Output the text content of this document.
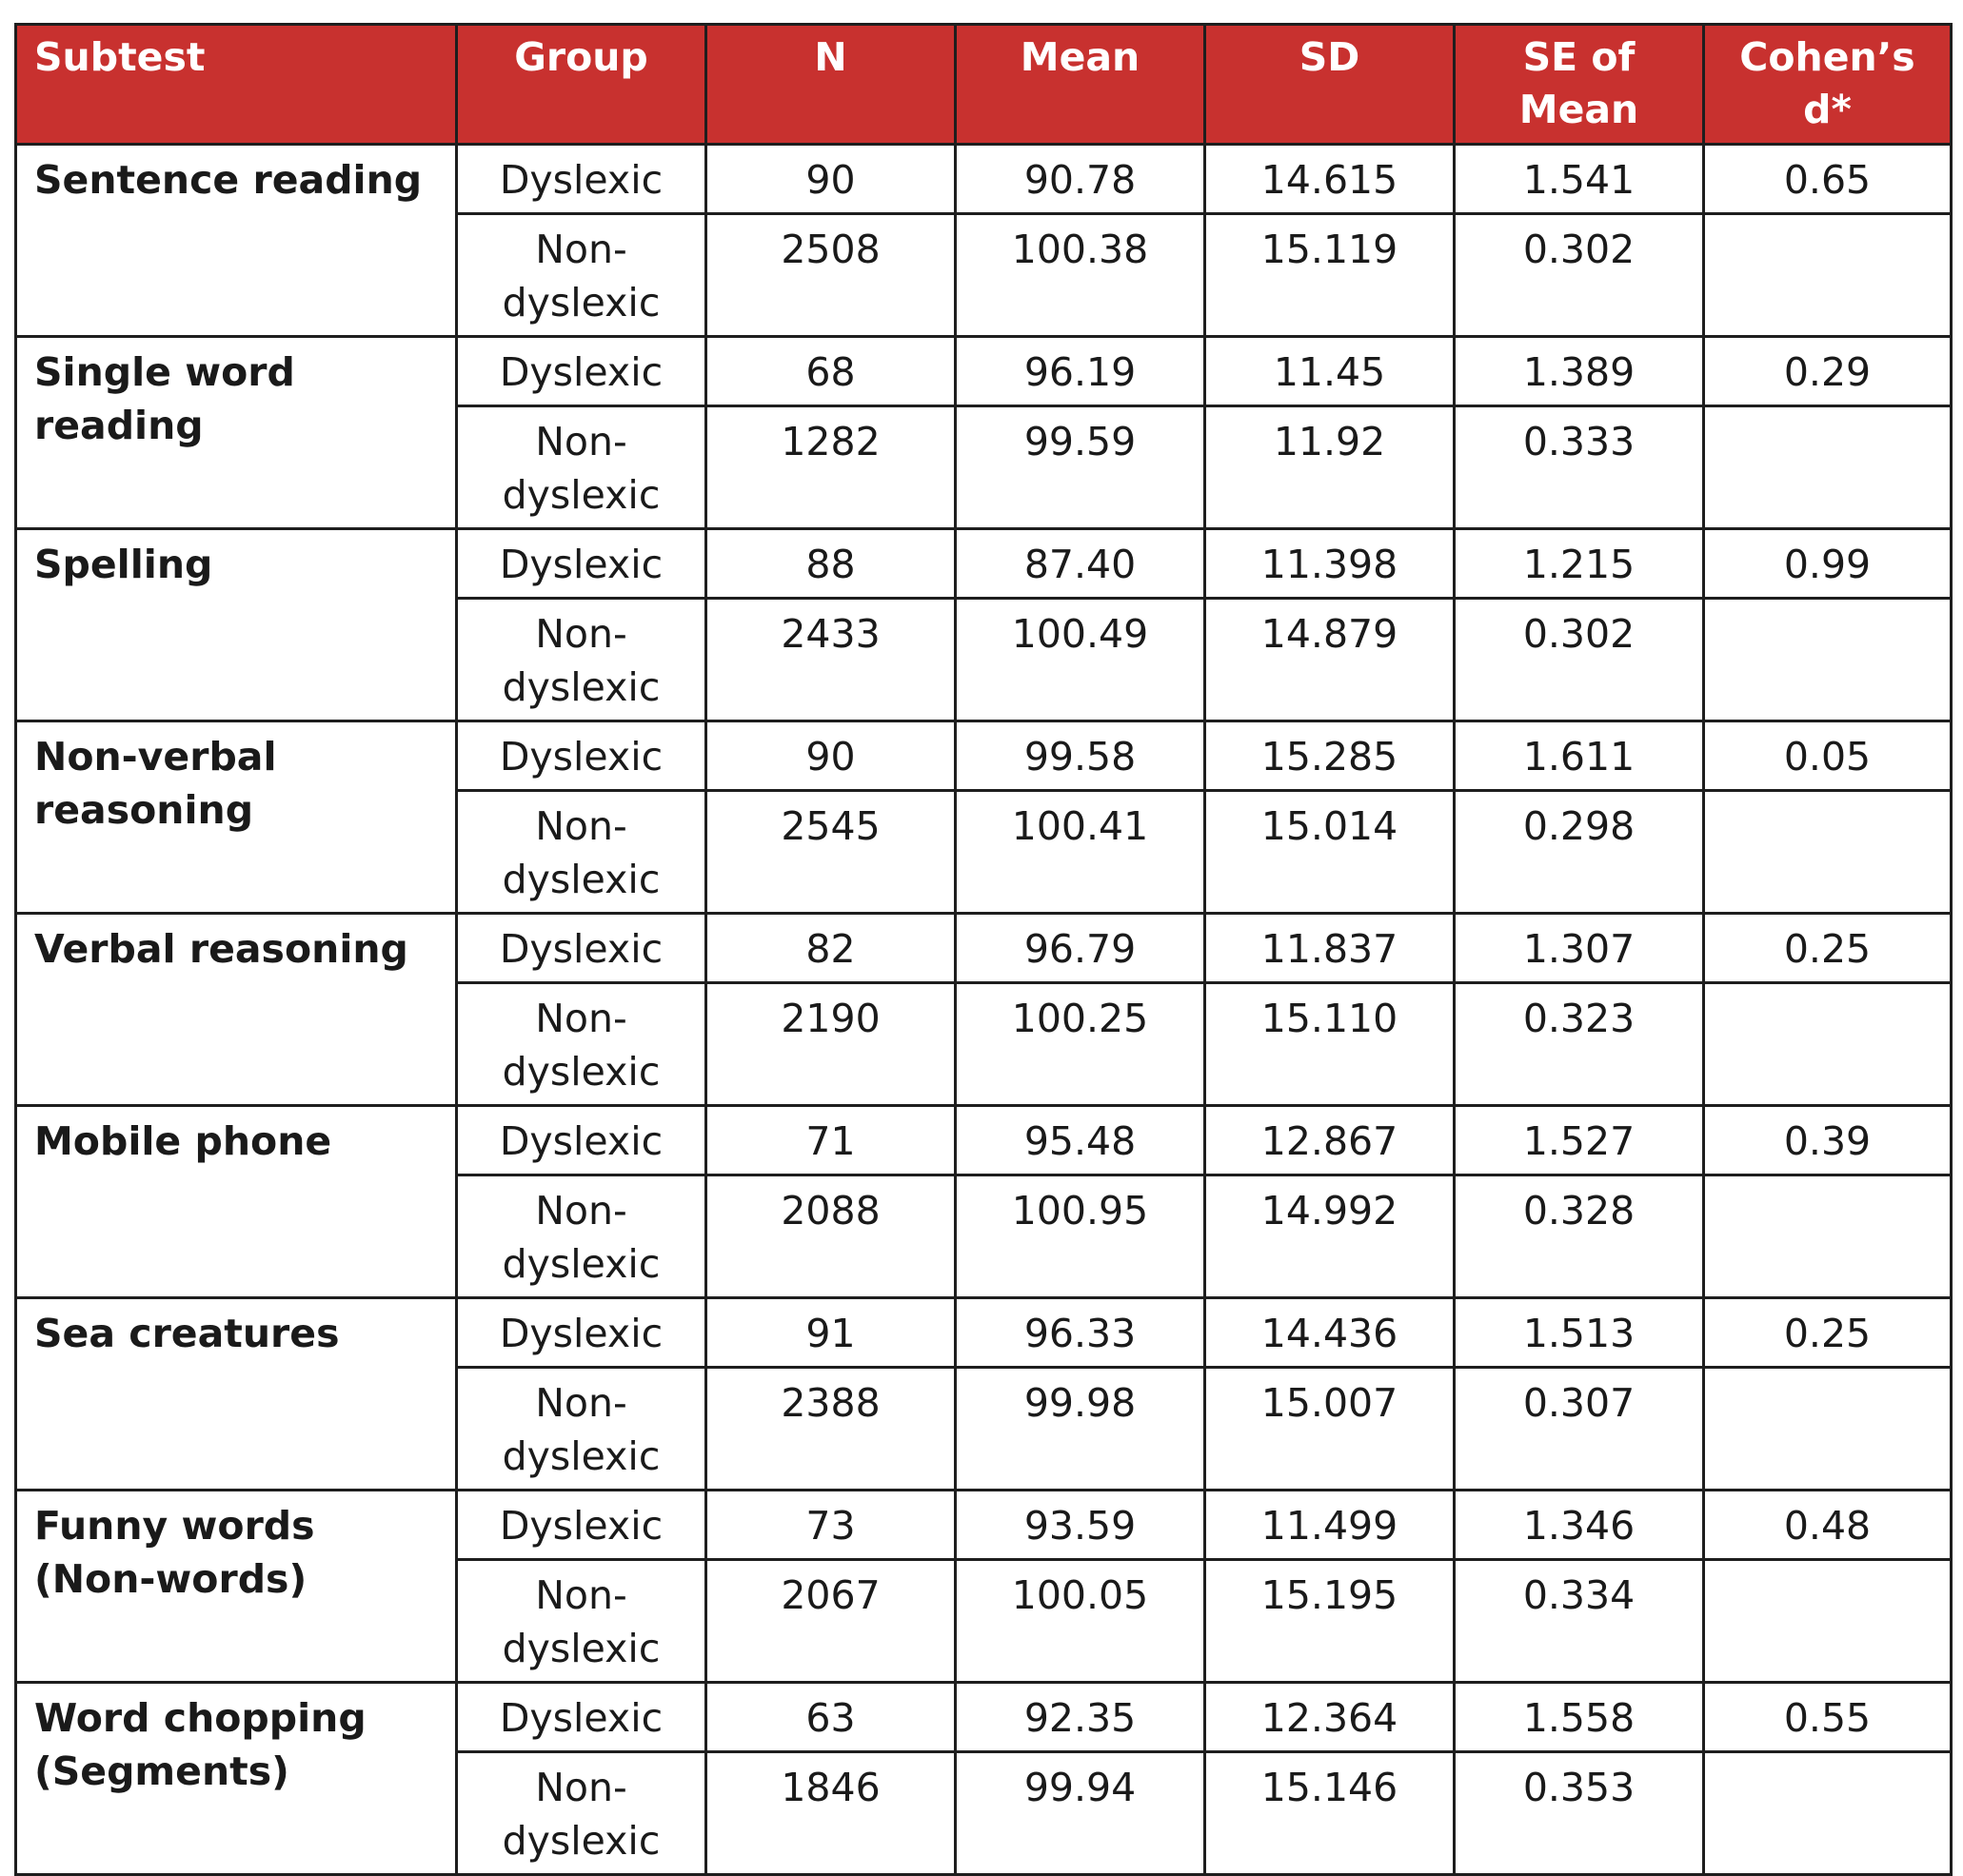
Subtest	Group	N	Mean	SD	SE of Mean	Cohen’s d*
Sentence reading	Dyslexic	90	90.78	14.615	1.541	0.65
	Non-dyslexic	2508	100.38	15.119	0.302	
Single word reading	Dyslexic	68	96.19	11.45	1.389	0.29
	Non-dyslexic	1282	99.59	11.92	0.333	
Spelling	Dyslexic	88	87.40	11.398	1.215	0.99
	Non-dyslexic	2433	100.49	14.879	0.302	
Non-verbal reasoning	Dyslexic	90	99.58	15.285	1.611	0.05
	Non-dyslexic	2545	100.41	15.014	0.298	
Verbal reasoning	Dyslexic	82	96.79	11.837	1.307	0.25
	Non-dyslexic	2190	100.25	15.110	0.323	
Mobile phone	Dyslexic	71	95.48	12.867	1.527	0.39
	Non-dyslexic	2088	100.95	14.992	0.328	
Sea creatures	Dyslexic	91	96.33	14.436	1.513	0.25
	Non-dyslexic	2388	99.98	15.007	0.307	
Funny words (Non-words)	Dyslexic	73	93.59	11.499	1.346	0.48
	Non-dyslexic	2067	100.05	15.195	0.334	
Word chopping (Segments)	Dyslexic	63	92.35	12.364	1.558	0.55
	Non-dyslexic	1846	99.94	15.146	0.353	
